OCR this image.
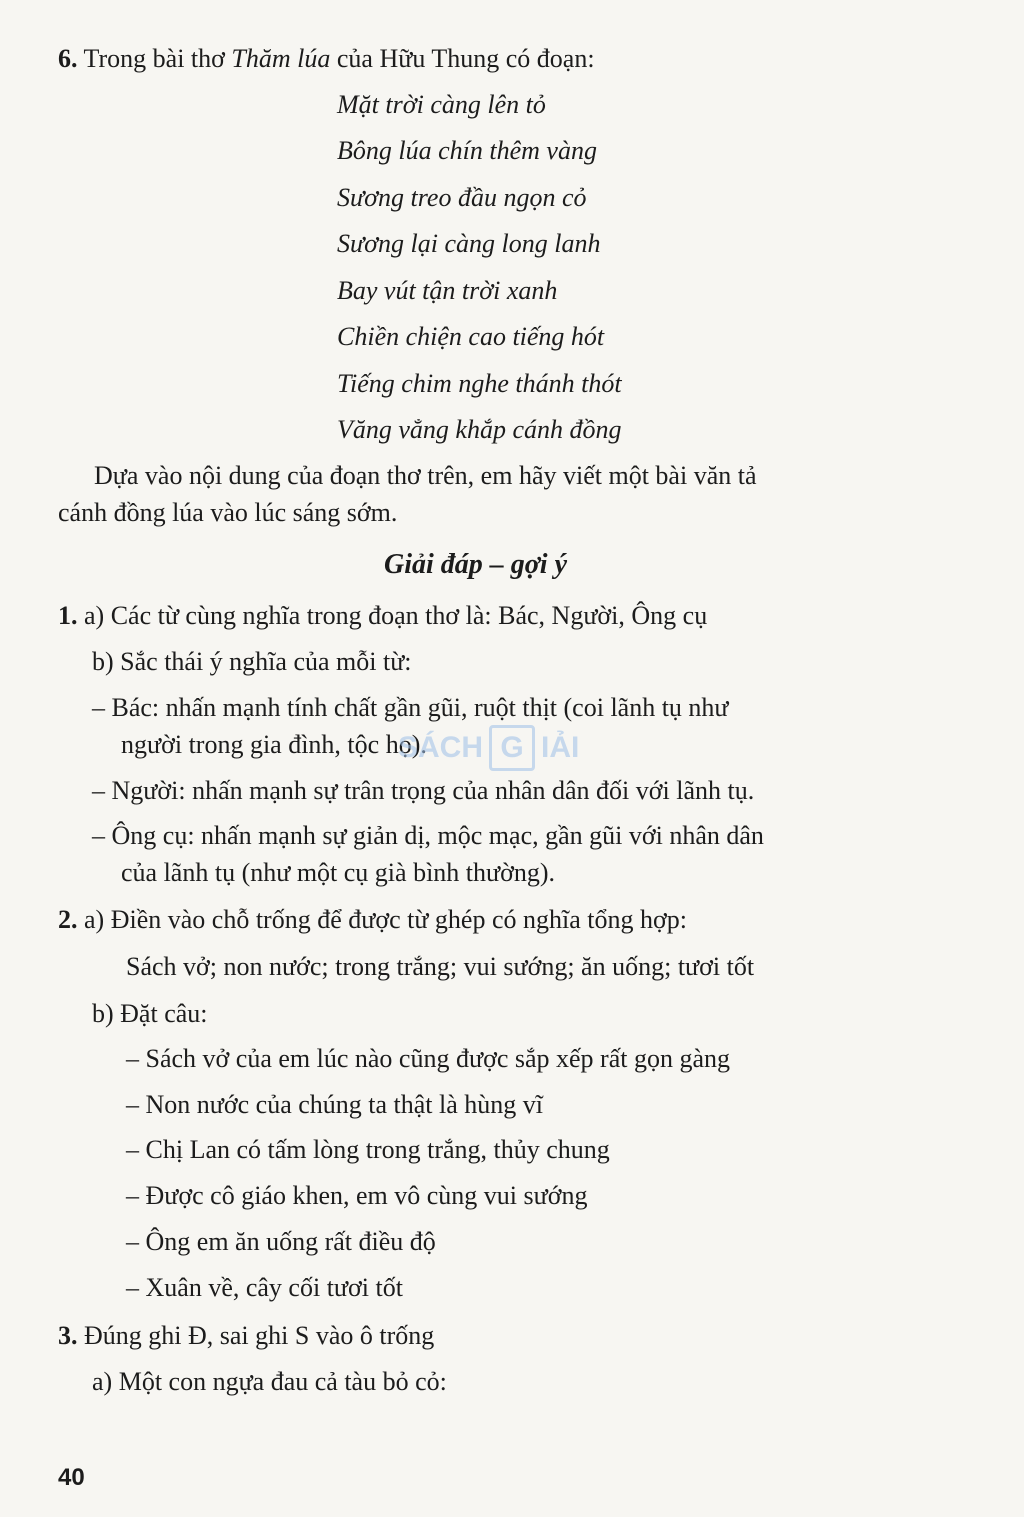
6. Trong bài thơ Thăm lúa của Hữu Thung có đoạn:
Mặt trời càng lên tỏ
Bông lúa chín thêm vàng
Sương treo đầu ngọn cỏ
Sương lại càng long lanh
Bay vút tận trời xanh
Chiền chiện cao tiếng hót
Tiếng chim nghe thánh thót
Văng vẳng khắp cánh đồng
Dựa vào nội dung của đoạn thơ trên, em hãy viết một bài văn tả
cánh đồng lúa vào lúc sáng sớm.
Giải đáp – gợi ý
1. a) Các từ cùng nghĩa trong đoạn thơ là: Bác, Người, Ông cụ
b) Sắc thái ý nghĩa của mỗi từ:
– Bác: nhấn mạnh tính chất gần gũi, ruột thịt (coi lãnh tụ như
người trong gia đình, tộc họ).
– Người: nhấn mạnh sự trân trọng của nhân dân đối với lãnh tụ.
– Ông cụ: nhấn mạnh sự giản dị, mộc mạc, gần gũi với nhân dân
của lãnh tụ (như một cụ già bình thường).
2. a) Điền vào chỗ trống để được từ ghép có nghĩa tổng hợp:
Sách vở; non nước; trong trắng; vui sướng; ăn uống; tươi tốt
b) Đặt câu:
– Sách vở của em lúc nào cũng được sắp xếp rất gọn gàng
– Non nước của chúng ta thật là hùng vĩ
– Chị Lan có tấm lòng trong trắng, thủy chung
– Được cô giáo khen, em vô cùng vui sướng
– Ông em ăn uống rất điều độ
– Xuân về, cây cối tươi tốt
3. Đúng ghi Đ, sai ghi S vào ô trống
a) Một con ngựa đau cả tàu bỏ cỏ:
40
SÁCH G IẢI
